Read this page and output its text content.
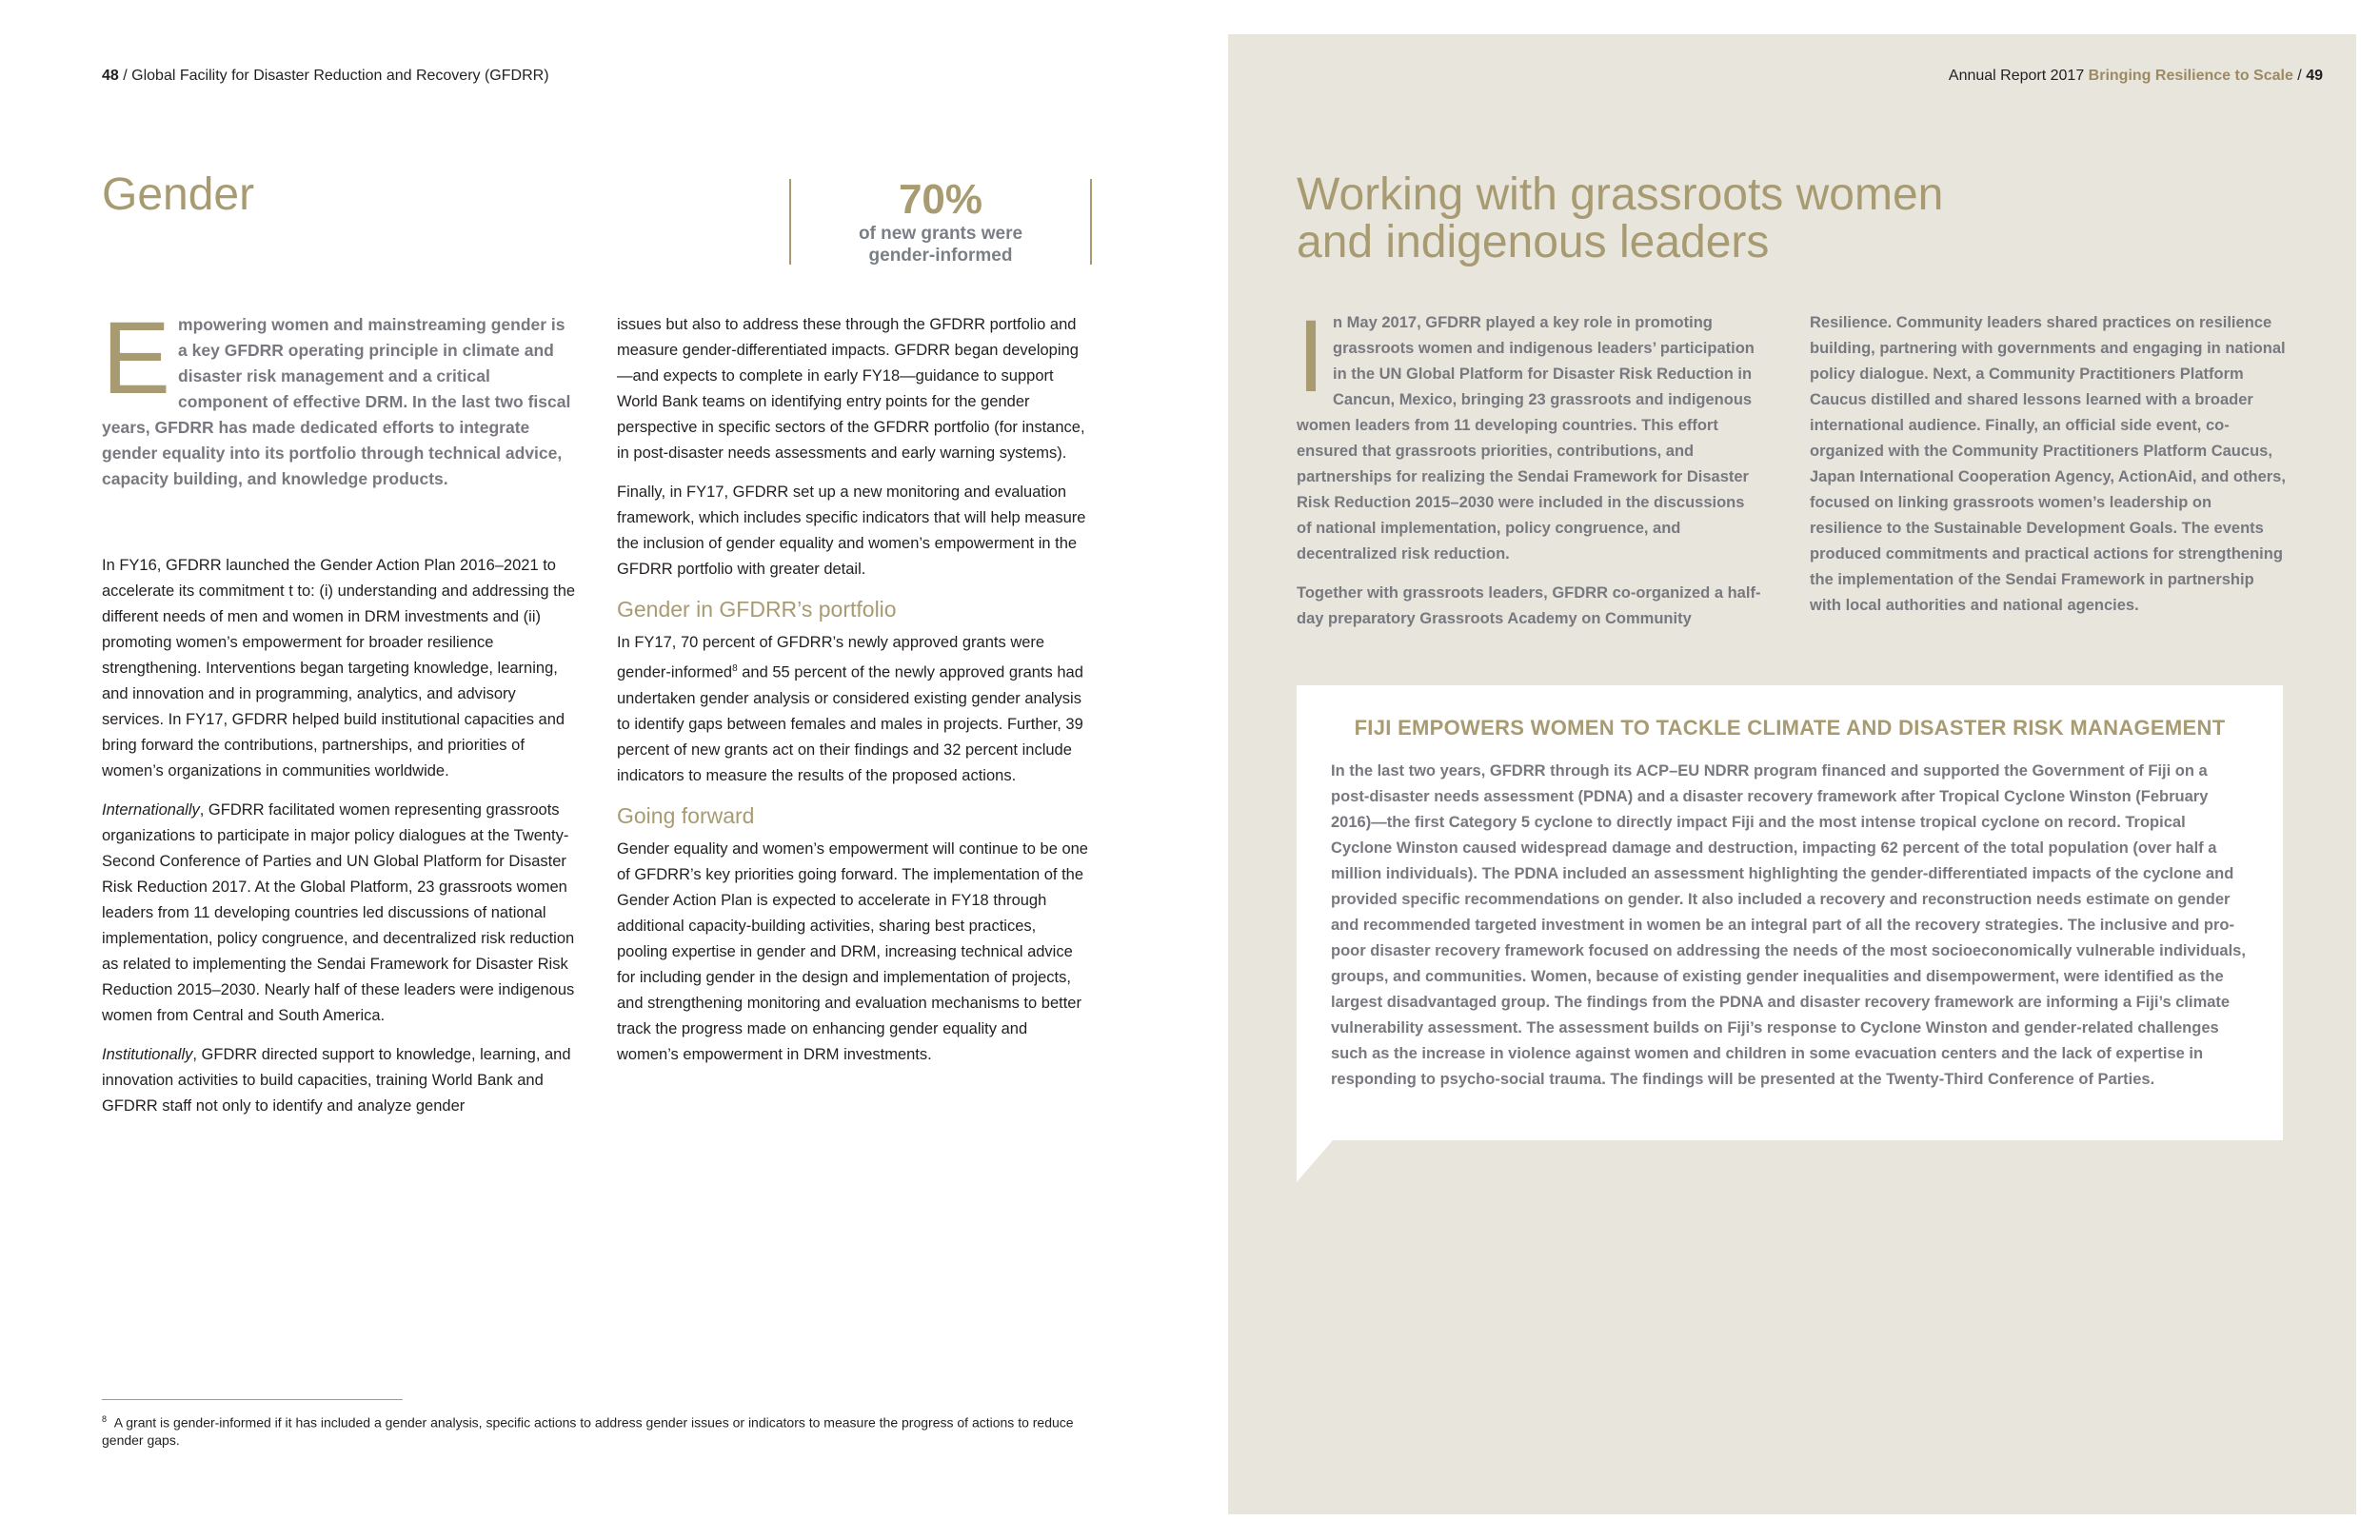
48 / Global Facility for Disaster Reduction and Recovery (GFDRR)	Annual Report 2017 Bringing Resilience to Scale / 49
Gender	70%
of new grants were
gender-informed
Empowering women and mainstreaming gender is a key GFDRR operating principle in climate and disaster risk management and a critical component of effective DRM. In the last two fiscal years, GFDRR has made dedicated efforts to integrate gender equality into its portfolio through technical advice, capacity building, and knowledge products.

In FY16, GFDRR launched the Gender Action Plan 2016–2021 to accelerate its commitment t to: (i) understanding and addressing the different needs of men and women in DRM investments and (ii) promoting women’s empowerment for broader resilience strengthening. Interventions began targeting knowledge, learning, and innovation and in programming, analytics, and advisory services. In FY17, GFDRR helped build institutional capacities and bring forward the contributions, partnerships, and priorities of women’s organizations in communities worldwide.

Internationally, GFDRR facilitated women representing grassroots organizations to participate in major policy dialogues at the Twenty-Second Conference of Parties and UN Global Platform for Disaster Risk Reduction 2017. At the Global Platform, 23 grassroots women leaders from 11 developing countries led discussions of national implementation, policy congruence, and decentralized risk reduction as related to implementing the Sendai Framework for Disaster Risk Reduction 2015–2030. Nearly half of these leaders were indigenous women from Central and South America.

Institutionally, GFDRR directed support to knowledge, learning, and innovation activities to build capacities, training World Bank and GFDRR staff not only to identify and analyze gender

issues but also to address these through the GFDRR portfolio and measure gender-differentiated impacts. GFDRR began developing—and expects to complete in early FY18—guidance to support World Bank teams on identifying entry points for the gender perspective in specific sectors of the GFDRR portfolio (for instance, in post-disaster needs assessments and early warning systems).

Finally, in FY17, GFDRR set up a new monitoring and evaluation framework, which includes specific indicators that will help measure the inclusion of gender equality and women’s empowerment in the GFDRR portfolio with greater detail.

Gender in GFDRR’s portfolio

In FY17, 70 percent of GFDRR’s newly approved grants were gender-informed$^8$ and 55 percent of the newly approved grants had undertaken gender analysis or considered existing gender analysis to identify gaps between females and males in projects. Further, 39 percent of new grants act on their findings and 32 percent include indicators to measure the results of the proposed actions.

Going forward

Gender equality and women’s empowerment will continue to be one of GFDRR’s key priorities going forward. The implementation of the Gender Action Plan is expected to accelerate in FY18 through additional capacity-building activities, sharing best practices, pooling expertise in gender and DRM, increasing technical advice for including gender in the design and implementation of projects, and strengthening monitoring and evaluation mechanisms to better track the progress made on enhancing gender equality and women’s empowerment in DRM investments.

$^8$ A grant is gender-informed if it has included a gender analysis, specific actions to address gender issues or indicators to measure the progress of actions to reduce gender gaps.
Working with grassroots women
and indigenous leaders

In May 2017, GFDRR played a key role in promoting grassroots women and indigenous leaders’ participation in the UN Global Platform for Disaster Risk Reduction in Cancun, Mexico, bringing 23 grassroots and indigenous women leaders from 11 developing countries. This effort ensured that grassroots priorities, contributions, and partnerships for realizing the Sendai Framework for Disaster Risk Reduction 2015–2030 were included in the discussions of national implementation, policy congruence, and decentralized risk reduction.

Together with grassroots leaders, GFDRR co-organized a half-day preparatory Grassroots Academy on Community

Resilience. Community leaders shared practices on resilience building, partnering with governments and engaging in national policy dialogue. Next, a Community Practitioners Platform Caucus distilled and shared lessons learned with a broader international audience. Finally, an official side event, co-organized with the Community Practitioners Platform Caucus, Japan International Cooperation Agency, ActionAid, and others, focused on linking grassroots women’s leadership on resilience to the Sustainable Development Goals. The events produced commitments and practical actions for strengthening the implementation of the Sendai Framework in partnership with local authorities and national agencies.

FIJI EMPOWERS WOMEN TO TACKLE CLIMATE AND DISASTER RISK MANAGEMENT
In the last two years, GFDRR through its ACP–EU NDRR program financed and supported the Government of Fiji on a post-disaster needs assessment (PDNA) and a disaster recovery framework after Tropical Cyclone Winston (February 2016)—the first Category 5 cyclone to directly impact Fiji and the most intense tropical cyclone on record. Tropical Cyclone Winston caused widespread damage and destruction, impacting 62 percent of the total population (over half a million individuals). The PDNA included an assessment highlighting the gender-differentiated impacts of the cyclone and provided specific recommendations on gender. It also included a recovery and reconstruction needs estimate on gender and recommended targeted investment in women be an integral part of all the recovery strategies. The inclusive and pro-poor disaster recovery framework focused on addressing the needs of the most socioeconomically vulnerable individuals, groups, and communities. Women, because of existing gender inequalities and disempowerment, were identified as the largest disadvantaged group. The findings from the PDNA and disaster recovery framework are informing a Fiji’s climate vulnerability assessment. The assessment builds on Fiji’s response to Cyclone Winston and gender-related challenges such as the increase in violence against women and children in some evacuation centers and the lack of expertise in responding to psycho-social trauma. The findings will be presented at the Twenty-Third Conference of Parties.
